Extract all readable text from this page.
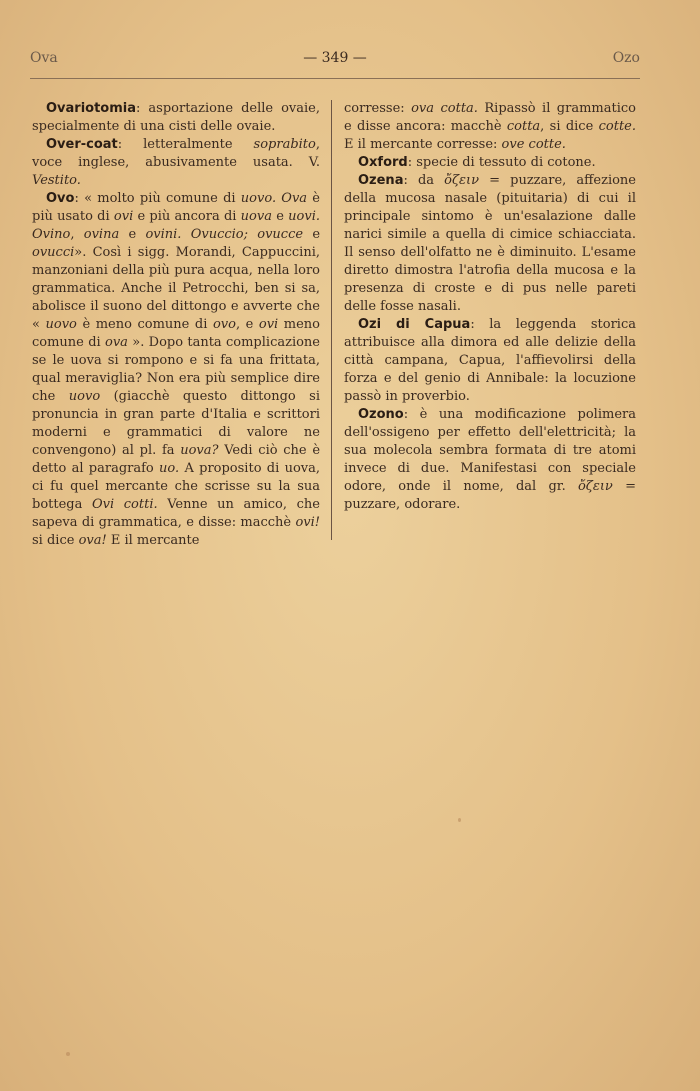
Ova	— 349 —	Ozo

Ovariotomia: asportazione delle ovaie, specialmente di una cisti delle ovaie.

Over-coat: letteralmente soprabito, voce inglese, abusivamente usata. V. Vestito.

Ovo: « molto più comune di uovo. Ova è più usato di ovi e più ancora di uova e uovi. Ovino, ovina e ovini. Ovuccio; ovucce e ovucci». Così i sigg. Morandi, Cappuccini, manzoniani della più pura acqua, nella loro grammatica. Anche il Petrocchi, ben si sa, abolisce il suono del dittongo e avverte che « uovo è meno comune di ovo, e ovi meno comune di ova ». Dopo tanta complicazione se le uova si rompono e si fa una frittata, qual meraviglia? Non era più semplice dire che uovo (giacchè questo dittongo si pronuncia in gran parte d'Italia e scrittori moderni e grammatici di valore ne convengono) al pl. fa uova? Vedi ciò che è detto al paragrafo uo. A proposito di uova, ci fu quel mercante che scrisse su la sua bottega Ovi cotti. Venne un amico, che sapeva di grammatica, e disse: macchè ovi! si dice ova! E il mercante

corresse: ova cotta. Ripassò il grammatico e disse ancora: macchè cotta, si dice cotte. E il mercante corresse: ove cotte.

Oxford: specie di tessuto di cotone.

Ozena: da ὄζειν = puzzare, affezione della mucosa nasale (pituitaria) di cui il principale sintomo è un'esalazione dalle narici simile a quella di cimice schiacciata. Il senso dell'olfatto ne è diminuito. L'esame diretto dimostra l'atrofia della mucosa e la presenza di croste e di pus nelle pareti delle fosse nasali.

Ozi di Capua: la leggenda storica attribuisce alla dimora ed alle delizie della città campana, Capua, l'affievolirsi della forza e del genio di Annibale: la locuzione passò in proverbio.

Ozono: è una modificazione polimera dell'ossigeno per effetto dell'elettricità; la sua molecola sembra formata di tre atomi invece di due. Manifestasi con speciale odore, onde il nome, dal gr. ὄζειν = puzzare, odorare.
